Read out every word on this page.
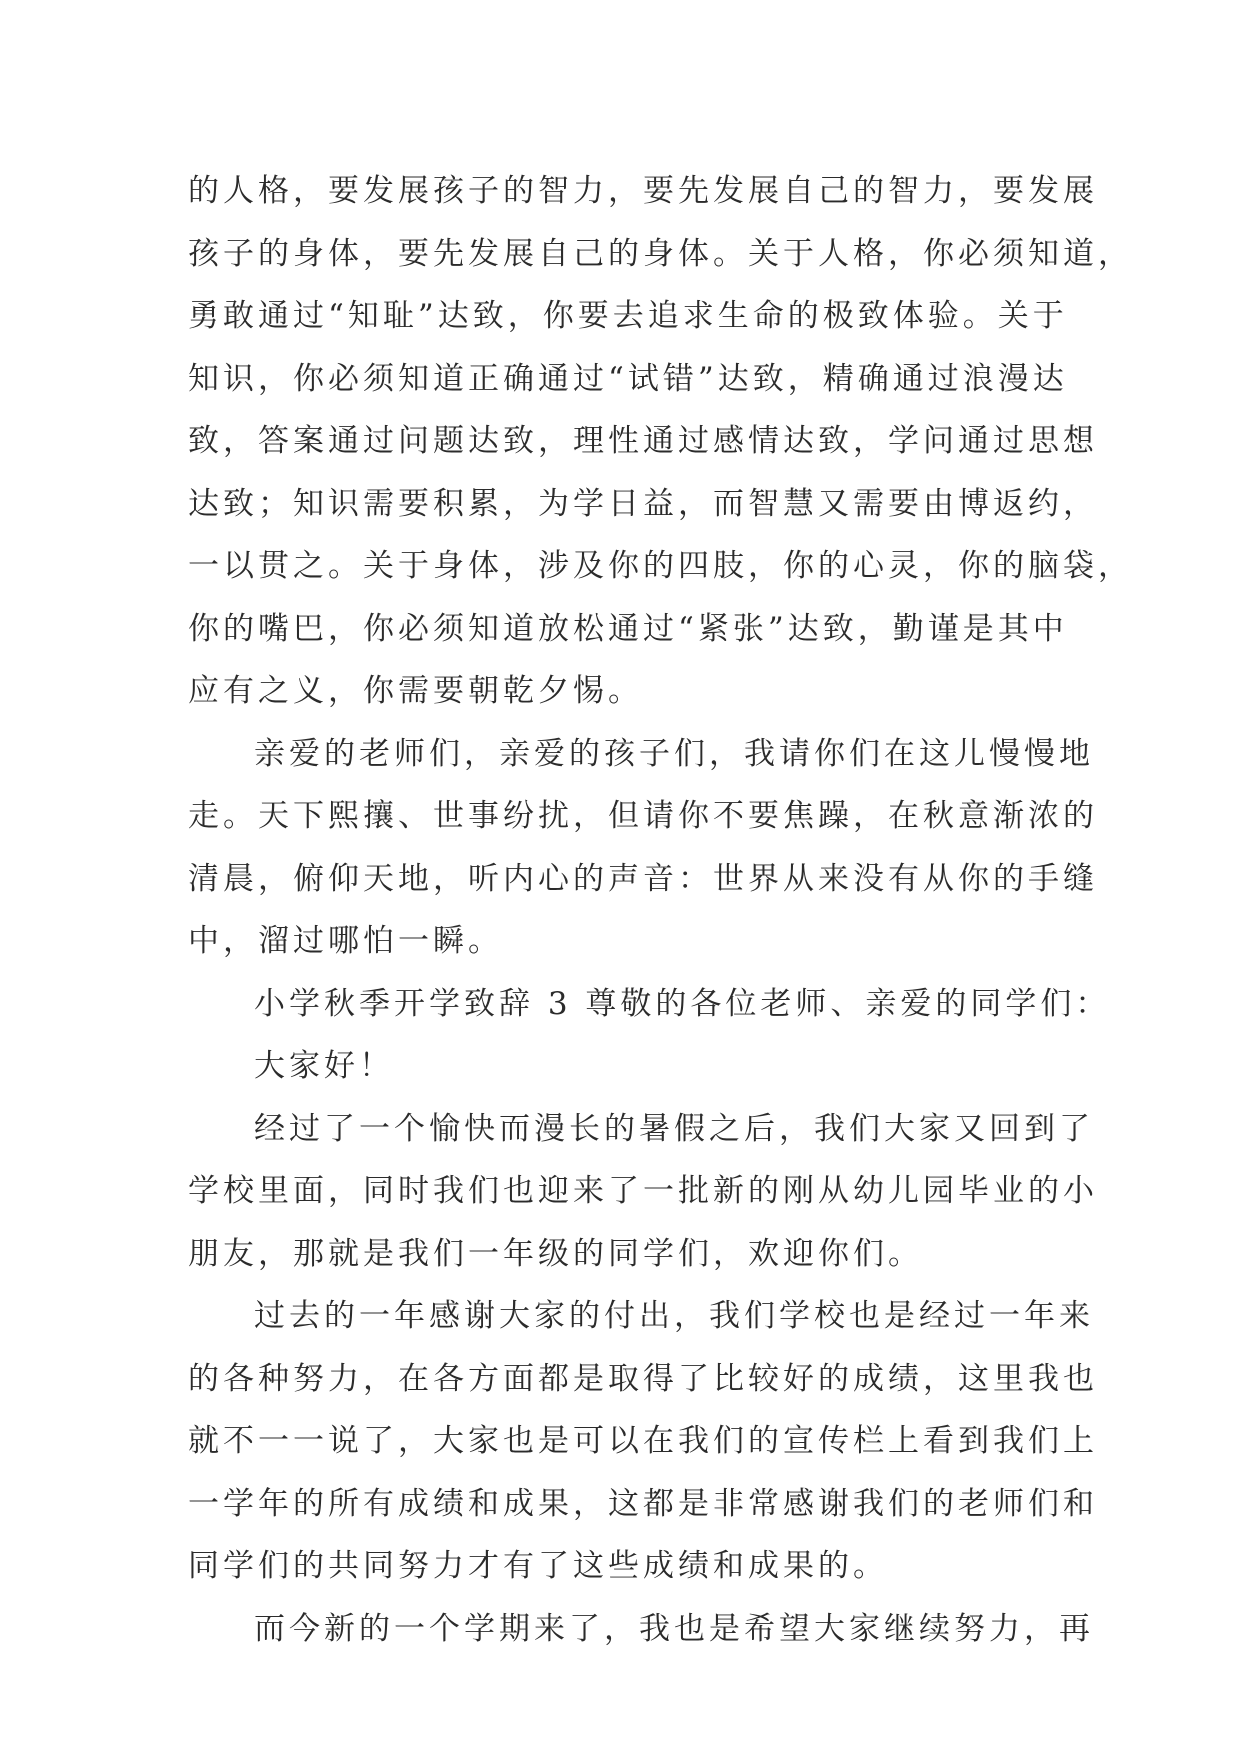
的人格，要发展孩子的智力，要先发展自己的智力，要发展
孩子的身体，要先发展自己的身体。关于人格，你必须知道，
勇敢通过“知耻”达致，你要去追求生命的极致体验。关于
知识，你必须知道正确通过“试错”达致，精确通过浪漫达
致，答案通过问题达致，理性通过感情达致，学问通过思想
达致；知识需要积累，为学日益，而智慧又需要由博返约，
一以贯之。关于身体，涉及你的四肢，你的心灵，你的脑袋，
你的嘴巴，你必须知道放松通过“紧张”达致，勤谨是其中
应有之义，你需要朝乾夕惕。
亲爱的老师们，亲爱的孩子们，我请你们在这儿慢慢地
走。天下熙攘、世事纷扰，但请你不要焦躁，在秋意渐浓的
清晨，俯仰天地，听内心的声音：世界从来没有从你的手缝
中，溜过哪怕一瞬。
小学秋季开学致辞 3 尊敬的各位老师、亲爱的同学们：
大家好！
经过了一个愉快而漫长的暑假之后，我们大家又回到了
学校里面，同时我们也迎来了一批新的刚从幼儿园毕业的小
朋友，那就是我们一年级的同学们，欢迎你们。
过去的一年感谢大家的付出，我们学校也是经过一年来
的各种努力，在各方面都是取得了比较好的成绩，这里我也
就不一一说了，大家也是可以在我们的宣传栏上看到我们上
一学年的所有成绩和成果，这都是非常感谢我们的老师们和
同学们的共同努力才有了这些成绩和成果的。
而今新的一个学期来了，我也是希望大家继续努力，再
